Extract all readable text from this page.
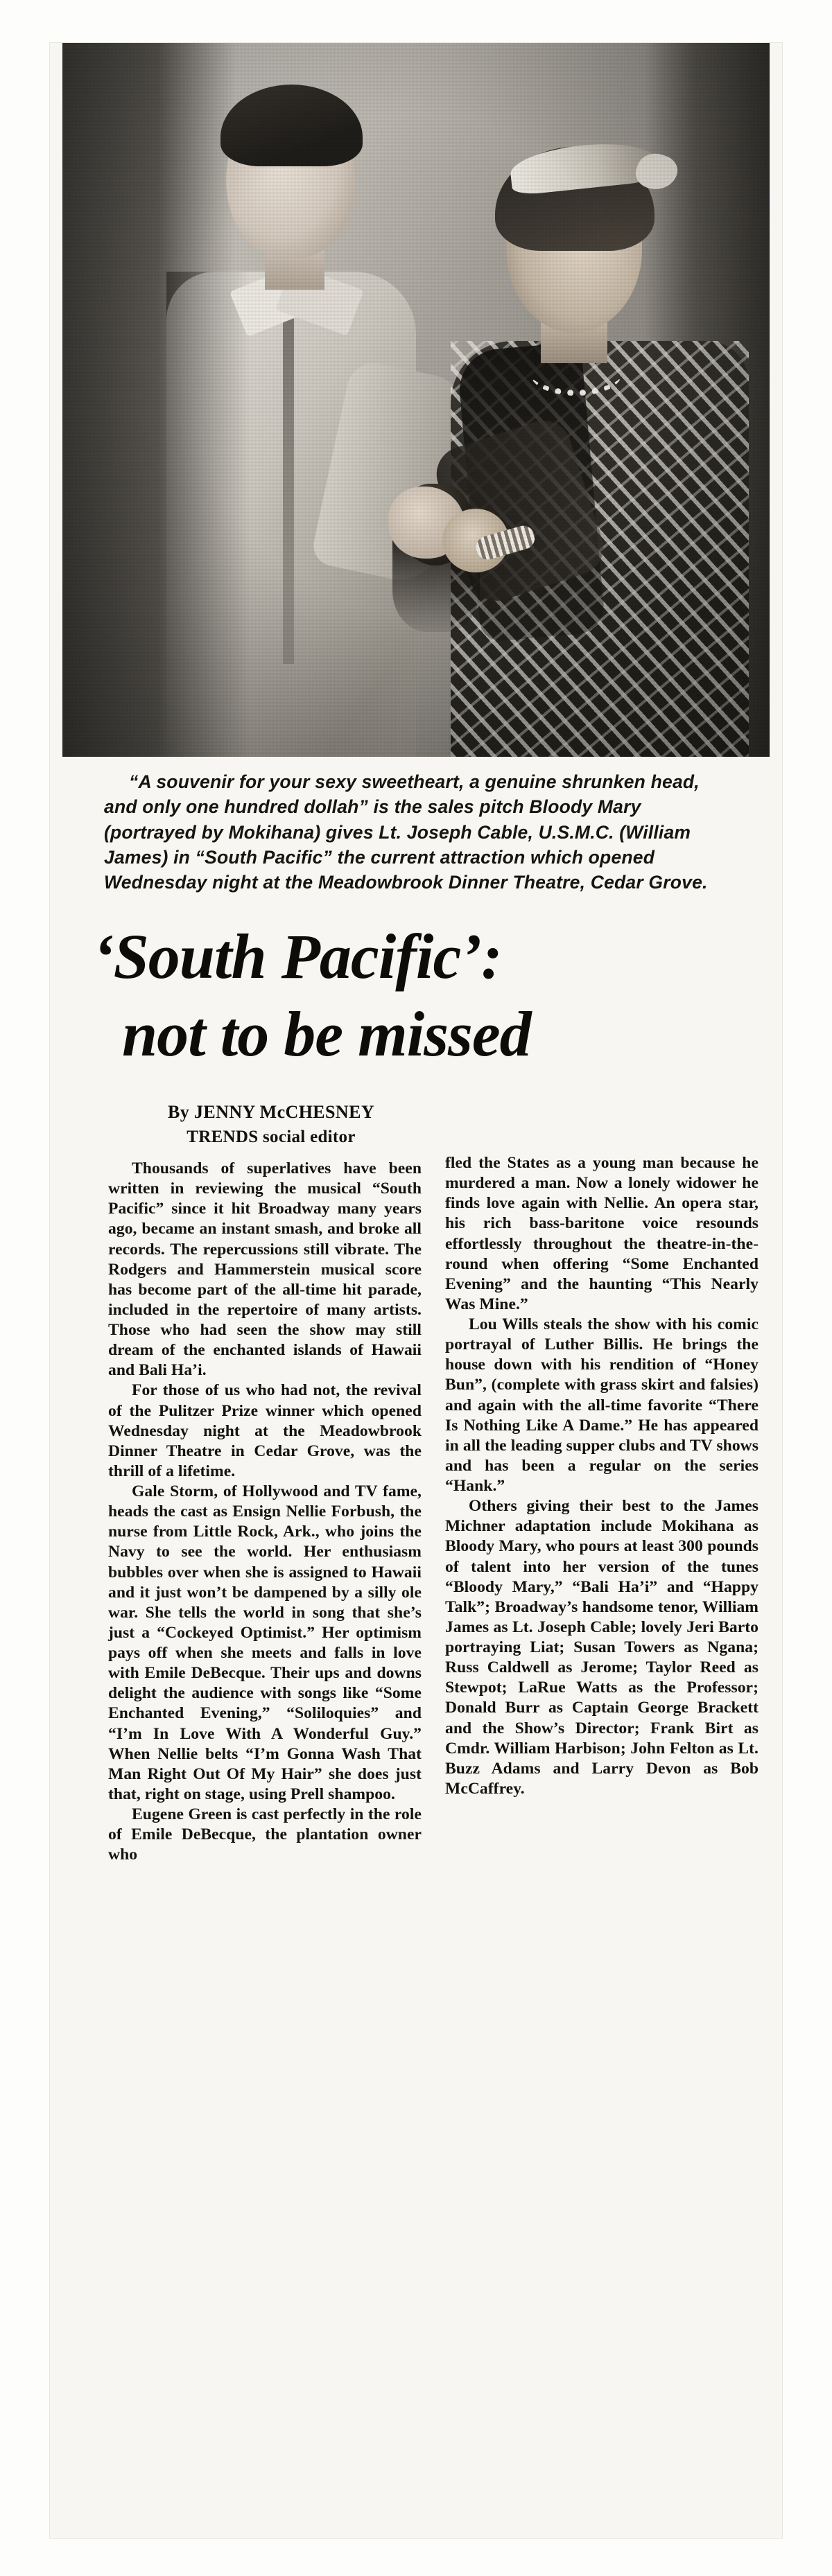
“A souvenir for your sexy sweetheart, a genuine shrunken head, and only one hundred dollah” is the sales pitch Bloody Mary (portrayed by Mokihana) gives Lt. Joseph Cable, U.S.M.C. (William James) in “South Pacific” the current attraction which opened Wednesday night at the Meadowbrook Dinner Theatre, Cedar Grove.
‘South Pacific’:
not to be missed
By JENNY McCHESNEY
TRENDS social editor

Thousands of superlatives have been written in reviewing the musical “South Pacific” since it hit Broadway many years ago, became an instant smash, and broke all records. The repercussions still vibrate. The Rodgers and Hammerstein musical score has become part of the all-time hit parade, included in the repertoire of many artists. Those who had seen the show may still dream of the enchanted islands of Hawaii and Bali Ha’i.

For those of us who had not, the revival of the Pulitzer Prize winner which opened Wednesday night at the Meadowbrook Dinner Theatre in Cedar Grove, was the thrill of a lifetime.

Gale Storm, of Hollywood and TV fame, heads the cast as Ensign Nellie Forbush, the nurse from Little Rock, Ark., who joins the Navy to see the world. Her enthusiasm bubbles over when she is assigned to Hawaii and it just won’t be dampened by a silly ole war. She tells the world in song that she’s just a “Cockeyed Optimist.” Her optimism pays off when she meets and falls in love with Emile DeBecque. Their ups and downs delight the audience with songs like “Some Enchanted Evening,” “Soliloquies” and “I’m In Love With A Wonderful Guy.” When Nellie belts “I’m Gonna Wash That Man Right Out Of My Hair” she does just that, right on stage, using Prell shampoo.

Eugene Green is cast perfectly in the role of Emile DeBecque, the plantation owner who

fled the States as a young man because he murdered a man. Now a lonely widower he finds love again with Nellie. An opera star, his rich bass-baritone voice resounds effortlessly throughout the theatre-in-the-round when offering “Some Enchanted Evening” and the haunting “This Nearly Was Mine.”

Lou Wills steals the show with his comic portrayal of Luther Billis. He brings the house down with his rendition of “Honey Bun”, (complete with grass skirt and falsies) and again with the all-time favorite “There Is Nothing Like A Dame.” He has appeared in all the leading supper clubs and TV shows and has been a regular on the series “Hank.”

Others giving their best to the James Michner adaptation include Mokihana as Bloody Mary, who pours at least 300 pounds of talent into her version of the tunes “Bloody Mary,” “Bali Ha’i” and “Happy Talk”; Broadway’s handsome tenor, William James as Lt. Joseph Cable; lovely Jeri Barto portraying Liat; Susan Towers as Ngana; Russ Caldwell as Jerome; Taylor Reed as Stewpot; LaRue Watts as the Professor; Donald Burr as Captain George Brackett and the Show’s Director; Frank Birt as Cmdr. William Harbison; John Felton as Lt. Buzz Adams and Larry Devon as Bob McCaffrey.
